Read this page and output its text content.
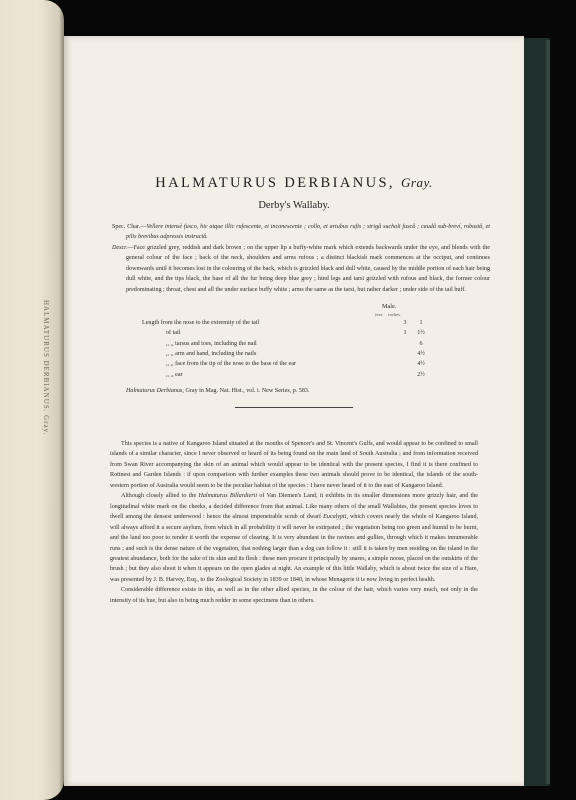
HALMATURUS DERBIANUS. Gray.
HALMATURUS DERBIANUS, Gray.
Derby's Wallaby.
Spec. Char.—Vellere intensè fusco, hic atque illic rufescente, et incanescente ; collo, et artubus rufis ; strigâ suchali fuscâ ; caudâ sub-breví, robustâ, et pilis brevibus adpressis instructâ.
Descr.—Face grizzled grey, reddish and dark brown ; on the upper lip a buffy-white mark which extends backwards under the eye, and blends with the general colour of the face ; back of the neck, shoulders and arms rufous ; a distinct blackish mark commences at the occiput, and continues downwards until it becomes lost in the colouring of the back, which is grizzled black and dull white, caused by the middle portion of each hair being dull white, and the tips black, the base of all the fur being deep blue grey ; hind legs and tarsi grizzled with rufous and black, the former colour predominating ; throat, chest and all the under surface buffy white ; arms the same as the tarsi, but rather darker ; under side of the tail buff.
Male.
feet. inches.
Length from the nose to the extremity of the tail	3	1
of tail	1	1½
,, ,, tarsus and toes, including the nail		6
,, ,, arm and hand, including the nails		4½
,, ,, face from the tip of the nose to the base of the ear		4½
,, ,, ear		2½
Halmaturus Derbianus, Gray in Mag. Nat. Hist., vol. i. New Series, p. 583.

This species is a native of Kangaroo Island situated at the mouths of Spencer's and St. Vincent's Gulfs, and would appear to be confined to small islands of a similar character, since I never observed or heard of its being found on the main land of South Australia ; and from information received from Swan River accompanying the skin of an animal which would appear to be identical with the present species, I find it is there confined to Rottnest and Garden Islands : if upon comparison with further examples these two animals should prove to be identical, the islands of the south-western portion of Australia would seem to be the peculiar habitat of the species : I have never heard of it to the east of Kangaroo Island.

Although closely allied to the Halmaturus Billardierii of Van Diemen's Land, it exhibits in its smaller dimensions more grizzly hair, and the longitudinal white mark on the cheeks, a decided difference from that animal. Like many others of the small Wallabies, the present species loves to dwell among the densest underwood : hence the almost impenetrable scrub of dwarf Eucalypti, which covers nearly the whole of Kangaroo Island, will always afford it a secure asylum, from which in all probability it will never be extirpated ; the vegetation being too green and humid to be burnt, and the land too poor to render it worth the expense of clearing. It is very abundant in the ravines and gullies, through which it makes innumerable runs ; and such is the dense nature of the vegetation, that nothing larger than a dog can follow it : still it is taken by men residing on the island in the greatest abundance, both for the sake of its skin and its flesh : these men procure it principally by snares, a simple noose, placed on the outskirts of the brush ; but they also shoot it when it appears on the open glades at night. An example of this little Wallaby, which is about twice the size of a Hare, was presented by J. B. Harvey, Esq., to the Zoological Society in 1839 or 1840, in whose Menagerie it is now living in perfect health.

Considerable difference exists in this, as well as in the other allied species, in the colour of the hair, which varies very much, not only in the intensity of its hue, but also in being much redder in some specimens than in others.
